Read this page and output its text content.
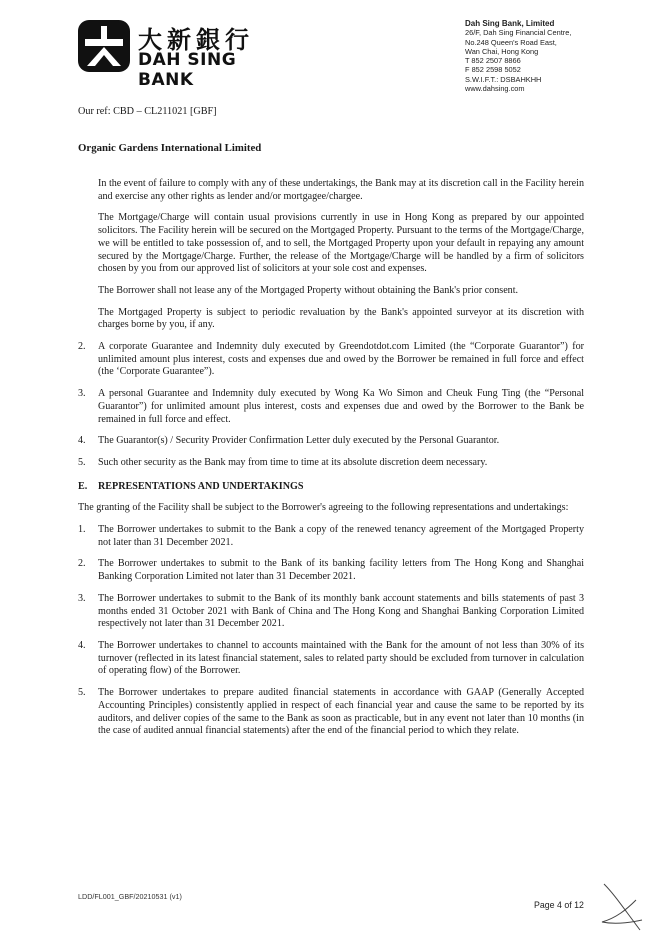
大新銀行
DAH SING BANK
Dah Sing Bank, Limited
26/F, Dah Sing Financial Centre,
No.248 Queen's Road East,
Wan Chai, Hong Kong
T 852 2507 8866
F 852 2598 5052
S.W.I.F.T.: DSBAHKHH
www.dahsing.com
Our ref: CBD – CL211021 [GBF]
Organic Gardens International Limited

In the event of failure to comply with any of these undertakings, the Bank may at its discretion call in the Facility herein and exercise any other rights as lender and/or mortgagee/chargee.

The Mortgage/Charge will contain usual provisions currently in use in Hong Kong as prepared by our appointed solicitors. The Facility herein will be secured on the Mortgaged Property. Pursuant to the terms of the Mortgage/Charge, we will be entitled to take possession of, and to sell, the Mortgaged Property upon your default in repaying any amount secured by the Mortgage/Charge. Further, the release of the Mortgage/Charge will be handled by a firm of solicitors chosen by you from our approved list of solicitors at your sole cost and expenses.

The Borrower shall not lease any of the Mortgaged Property without obtaining the Bank's prior consent.

The Mortgaged Property is subject to periodic revaluation by the Bank's appointed surveyor at its discretion with charges borne by you, if any.

2.	A corporate Guarantee and Indemnity duly executed by Greendotdot.com Limited (the “Corporate Guarantor”) for unlimited amount plus interest, costs and expenses due and owed by the Borrower be remained in full force and effect (the ‘Corporate Guarantee”).
3.	A personal Guarantee and Indemnity duly executed by Wong Ka Wo Simon and Cheuk Fung Ting (the “Personal Guarantor”) for unlimited amount plus interest, costs and expenses due and owed by the Borrower to the Bank be remained in full force and effect.
4.	The Guarantor(s) / Security Provider Confirmation Letter duly executed by the Personal Guarantor.
5.	Such other security as the Bank may from time to time at its absolute discretion deem necessary.
E.	REPRESENTATIONS AND UNDERTAKINGS

The granting of the Facility shall be subject to the Borrower's agreeing to the following representations and undertakings:

1.	The Borrower undertakes to submit to the Bank a copy of the renewed tenancy agreement of the Mortgaged Property not later than 31 December 2021.
2.	The Borrower undertakes to submit to the Bank of its banking facility letters from The Hong Kong and Shanghai Banking Corporation Limited not later than 31 December 2021.
3.	The Borrower undertakes to submit to the Bank of its monthly bank account statements and bills statements of past 3 months ended 31 October 2021 with Bank of China and The Hong Kong and Shanghai Banking Corporation Limited respectively not later than 31 December 2021.
4.	The Borrower undertakes to channel to accounts maintained with the Bank for the amount of not less than 30% of its turnover (reflected in its latest financial statement, sales to related party should be excluded from turnover in calculation of operating flow) of the Borrower.
5.	The Borrower undertakes to prepare audited financial statements in accordance with GAAP (Generally Accepted Accounting Principles) consistently applied in respect of each financial year and cause the same to be reported by its auditors, and deliver copies of the same to the Bank as soon as practicable, but in any event not later than 10 months (in the case of audited annual financial statements) after the end of the financial period to which they relate.
LDD/FL001_GBF/20210531 (v1)
Page 4 of 12
